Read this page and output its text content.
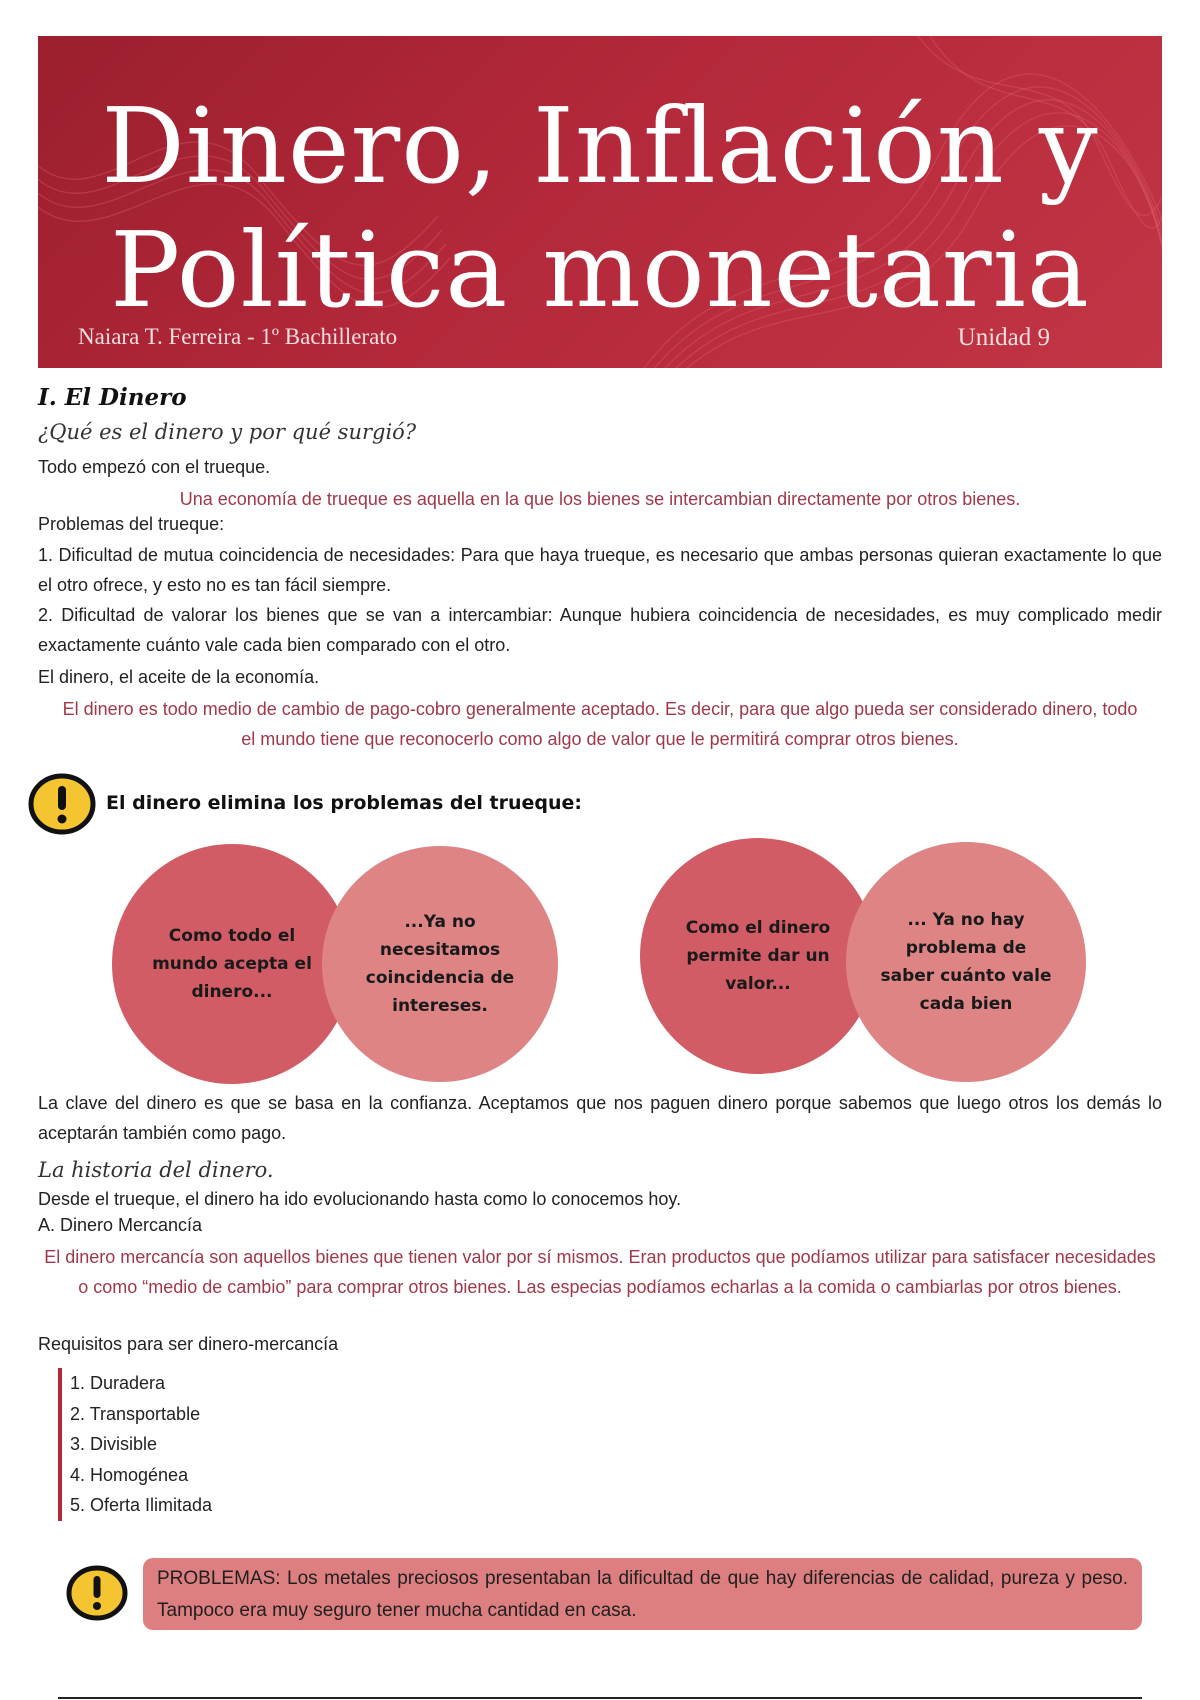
Dinero, Inflación y
Política monetaria
Naiara T. Ferreira - 1º Bachillerato	Unidad 9
I. El Dinero
¿Qué es el dinero y por qué surgió?
Todo empezó con el trueque.
Una economía de trueque es aquella en la que los bienes se intercambian directamente por otros bienes.
Problemas del trueque:
1. Dificultad de mutua coincidencia de necesidades: Para que haya trueque, es necesario que ambas personas quieran exactamente lo que el otro ofrece, y esto no es tan fácil siempre.
2. Dificultad de valorar los bienes que se van a intercambiar: Aunque hubiera coincidencia de necesidades, es muy complicado medir exactamente cuánto vale cada bien comparado con el otro.
El dinero, el aceite de la economía.
El dinero es todo medio de cambio de pago-cobro generalmente aceptado. Es decir, para que algo pueda ser considerado dinero, todo el mundo tiene que reconocerlo como algo de valor que le permitirá comprar otros bienes.
El dinero elimina los problemas del trueque:
Como todo el mundo acepta el dinero...
...Ya no necesitamos coincidencia de intereses.
Como el dinero permite dar un valor...
... Ya no hay problema de saber cuánto vale cada bien
La clave del dinero es que se basa en la confianza. Aceptamos que nos paguen dinero porque sabemos que luego otros los demás lo aceptarán también como pago.
La historia del dinero.
Desde el trueque, el dinero ha ido evolucionando hasta como lo conocemos hoy.
A. Dinero Mercancía
El dinero mercancía son aquellos bienes que tienen valor por sí mismos. Eran productos que podíamos utilizar para satisfacer necesidades o como “medio de cambio” para comprar otros bienes. Las especias podíamos echarlas a la comida o cambiarlas por otros bienes.
Requisitos para ser dinero-mercancía
1. Duradera
2. Transportable
3. Divisible
4. Homogénea
5. Oferta Ilimitada
PROBLEMAS: Los metales preciosos presentaban la dificultad de que hay diferencias de calidad, pureza y peso. Tampoco era muy seguro tener mucha cantidad en casa.
